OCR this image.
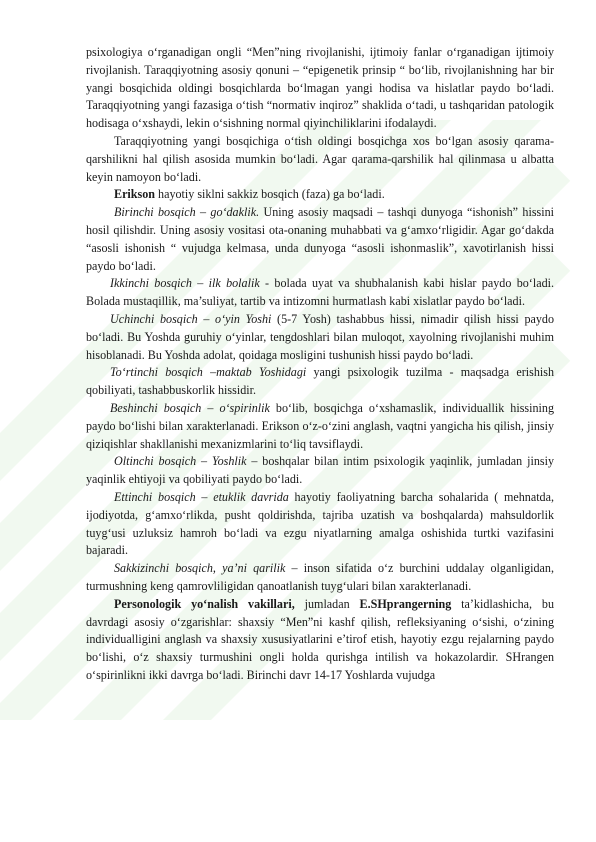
psixologiya o‘rganadigan ongli “Men”ning rivojlanishi, ijtimoiy fanlar o‘rganadigan ijtimoiy rivojlanish. Taraqqiyotning asosiy qonuni – “epigenetik prinsip “ bo‘lib, rivojlanishning har bir yangi bosqichida oldingi bosqichlarda bo‘lmagan yangi hodisa va hislatlar paydo bo‘ladi. Taraqqiyotning yangi fazasiga o‘tish “normativ inqiroz” shaklida o‘tadi, u tashqaridan patologik hodisaga o‘xshaydi, lekin o‘sishning normal qiyinchiliklarini ifodalaydi.

Taraqqiyotning yangi bosqichiga o‘tish oldingi bosqichga xos bo‘lgan asosiy qarama-qarshilikni hal qilish asosida mumkin bo‘ladi. Agar qarama-qarshilik hal qilinmasa u albatta keyin namoyon bo‘ladi.

Erikson hayotiy siklni sakkiz bosqich (faza) ga bo‘ladi.

Birinchi bosqich – go‘daklik. Uning asosiy maqsadi – tashqi dunyoga “ishonish” hissini hosil qilishdir. Uning asosiy vositasi ota-onaning muhabbati va g‘amxo‘rligidir. Agar go‘dakda “asosli ishonish “ vujudga kelmasa, unda dunyoga “asosli ishonmaslik”, xavotirlanish hissi paydo bo‘ladi.

Ikkinchi bosqich – ilk bolalik - bolada uyat va shubhalanish kabi hislar paydo bo‘ladi. Bolada mustaqillik, ma’suliyat, tartib va intizomni hurmatlash kabi xislatlar paydo bo‘ladi.

Uchinchi bosqich – o‘yin Yoshi (5-7 Yosh) tashabbus hissi, nimadir qilish hissi paydo bo‘ladi. Bu Yoshda guruhiy o‘yinlar, tengdoshlari bilan muloqot, xayolning rivojlanishi muhim hisoblanadi. Bu Yoshda adolat, qoidaga mosligini tushunish hissi paydo bo‘ladi.

To‘rtinchi bosqich –maktab Yoshidagi yangi psixologik tuzilma - maqsadga erishish qobiliyati, tashabbuskorlik hissidir.

Beshinchi bosqich – o‘spirinlik bo‘lib, bosqichga o‘xshamaslik, individuallik hissining paydo bo‘lishi bilan xarakterlanadi. Erikson o‘z-o‘zini anglash, vaqtni yangicha his qilish, jinsiy qiziqishlar shakllanishi mexanizmlarini to‘liq tavsiflaydi.

Oltinchi bosqich – Yoshlik – boshqalar bilan intim psixologik yaqinlik, jumladan jinsiy yaqinlik ehtiyoji va qobiliyati paydo bo‘ladi.

Ettinchi bosqich – etuklik davrida hayotiy faoliyatning barcha sohalarida ( mehnatda, ijodiyotda, g‘amxo‘rlikda, pusht qoldirishda, tajriba uzatish va boshqalarda) mahsuldorlik tuyg‘usi uzluksiz hamroh bo‘ladi va ezgu niyatlarning amalga oshishida turtki vazifasini bajaradi.

Sakkizinchi bosqich, ya’ni qarilik – inson sifatida o‘z burchini uddalay olganligidan, turmushning keng qamrovliligidan qanoatlanish tuyg‘ulari bilan xarakterlanadi.

Personologik yo‘nalish vakillari, jumladan E.SHprangerning ta’kidlashicha, bu davrdagi asosiy o‘zgarishlar: shaxsiy “Men”ni kashf qilish, refleksiyaning o‘sishi, o‘zining individualligini anglash va shaxsiy xususiyatlarini e’tirof etish, hayotiy ezgu rejalarning paydo bo‘lishi, o‘z shaxsiy turmushini ongli holda qurishga intilish va hokazolardir. SHrangen o‘spirinlikni ikki davrga bo‘ladi. Birinchi davr 14-17 Yoshlarda vujudga
